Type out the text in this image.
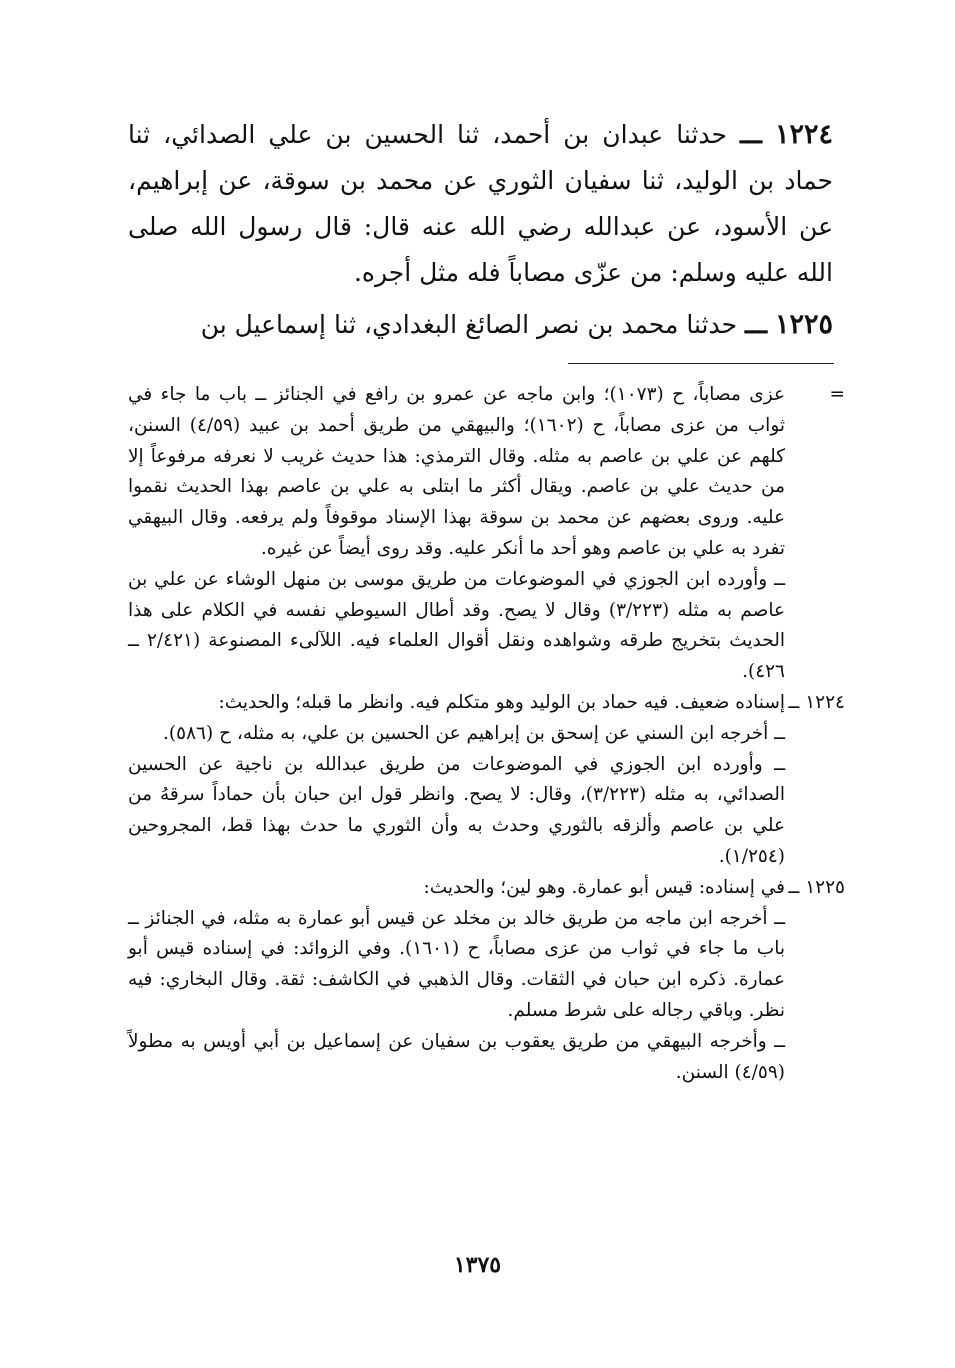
١٢٢٤ ـــ حدثنا عبدان بن أحمد، ثنا الحسين بن علي الصدائي، ثنا حماد بن الوليد، ثنا سفيان الثوري عن محمد بن سوقة، عن إبراهيم، عن الأسود، عن عبدالله رضي الله عنه قال: قال رسول الله صلى الله عليه وسلم: من عزّى مصاباً فله مثل أجره.

١٢٢٥ ـــ حدثنا محمد بن نصر الصائغ البغدادي، ثنا إسماعيل بن

=

عزى مصاباً، ح (١٠٧٣)؛ وابن ماجه عن عمرو بن رافع في الجنائز ــ باب ما جاء في ثواب من عزى مصاباً، ح (١٦٠٢)؛ والبيهقي من طريق أحمد بن عبيد (٤/٥٩) السنن، كلهم عن علي بن عاصم به مثله. وقال الترمذي: هذا حديث غريب لا نعرفه مرفوعاً إلا من حديث علي بن عاصم. ويقال أكثر ما ابتلى به علي بن عاصم بهذا الحديث نقموا عليه. وروى بعضهم عن محمد بن سوقة بهذا الإسناد موقوفاً ولم يرفعه. وقال البيهقي تفرد به علي بن عاصم وهو أحد ما أنكر عليه. وقد روى أيضاً عن غيره.

ــ وأورده ابن الجوزي في الموضوعات من طريق موسى بن منهل الوشاء عن علي بن عاصم به مثله (٣/٢٢٣) وقال لا يصح. وقد أطال السيوطي نفسه في الكلام على هذا الحديث بتخريج طرقه وشواهده ونقل أقوال العلماء فيه. اللآلىء المصنوعة (٢/٤٢١ ــ ٤٢٦).

١٢٢٤ ــ

إسناده ضعيف. فيه حماد بن الوليد وهو متكلم فيه. وانظر ما قبله؛ والحديث:

ــ أخرجه ابن السني عن إسحق بن إبراهيم عن الحسين بن علي، به مثله، ح (٥٨٦).

ــ وأورده ابن الجوزي في الموضوعات من طريق عبدالله بن ناجية عن الحسين الصدائي، به مثله (٣/٢٢٣)، وقال: لا يصح. وانظر قول ابن حبان بأن حماداً سرقهُ من علي بن عاصم وألزقه بالثوري وحدث به وأن الثوري ما حدث بهذا قط، المجروحين (١/٢٥٤).

١٢٢٥ ــ

في إسناده: قيس أبو عمارة. وهو لين؛ والحديث:

ــ أخرجه ابن ماجه من طريق خالد بن مخلد عن قيس أبو عمارة به مثله، في الجنائز ــ باب ما جاء في ثواب من عزى مصاباً، ح (١٦٠١). وفي الزوائد: في إسناده قيس أبو عمارة. ذكره ابن حبان في الثقات. وقال الذهبي في الكاشف: ثقة. وقال البخاري: فيه نظر. وباقي رجاله على شرط مسلم.

ــ وأخرجه البيهقي من طريق يعقوب بن سفيان عن إسماعيل بن أبي أويس به مطولاً (٤/٥٩) السنن.

١٣٧٥
